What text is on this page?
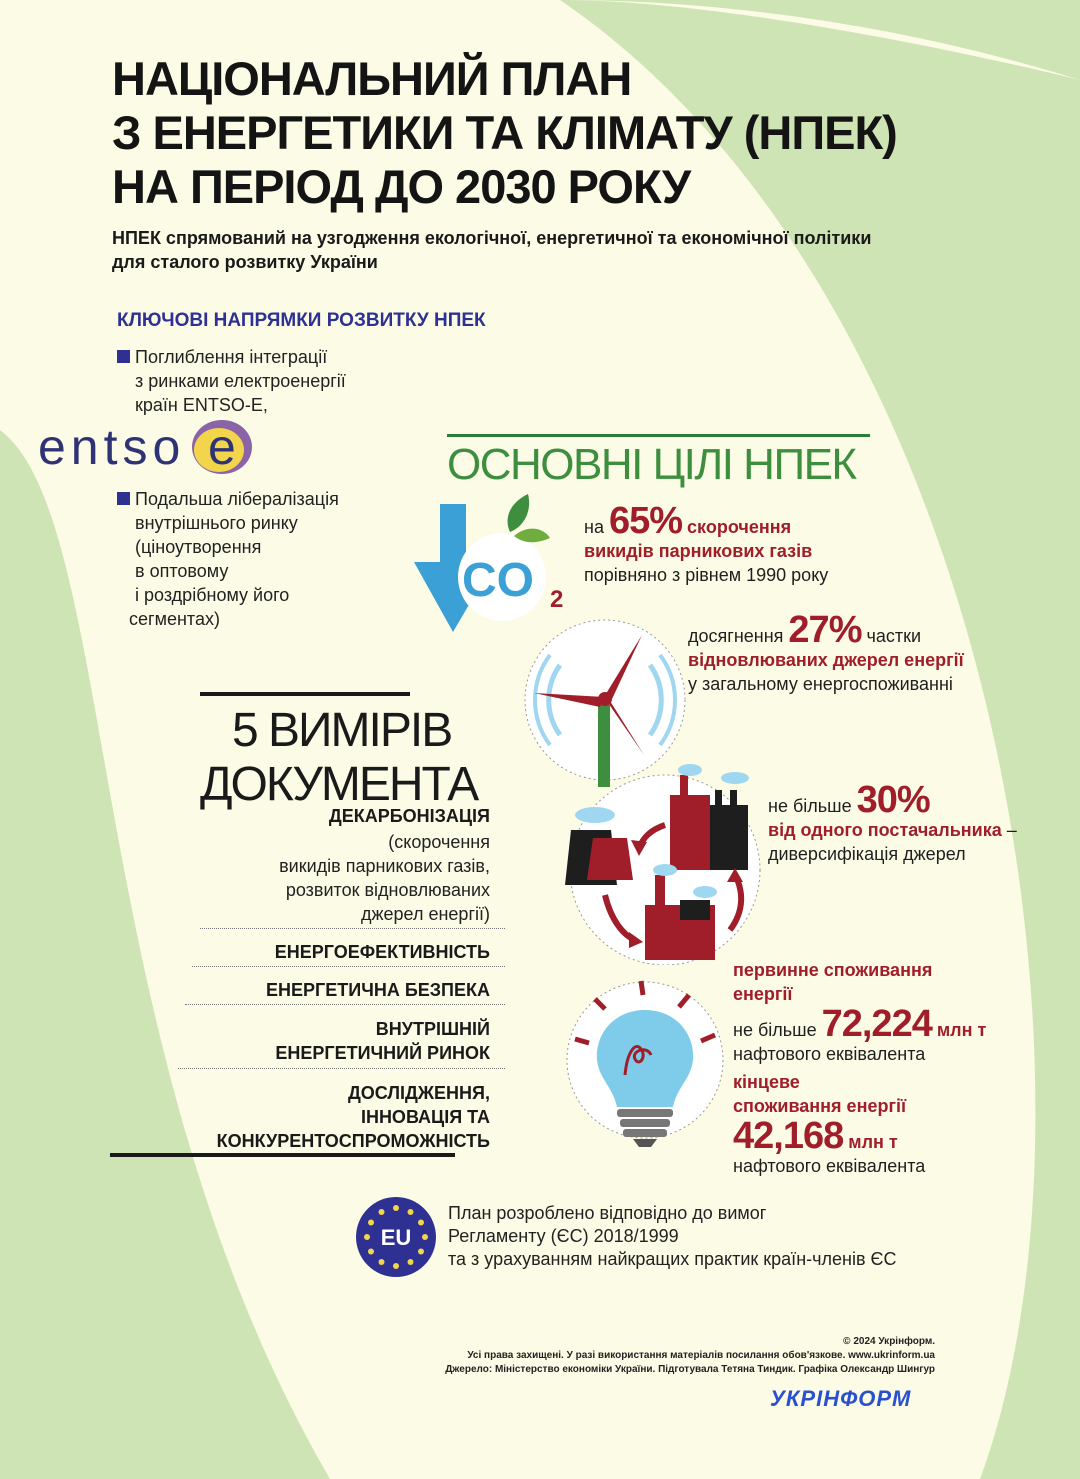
НАЦІОНАЛЬНИЙ ПЛАН
З ЕНЕРГЕТИКИ ТА КЛІМАТУ (НПЕК)
НА ПЕРІОД ДО 2030 РОКУ
НПЕК спрямований на узгодження екологічної, енергетичної та економічної політики
для сталого розвитку України
КЛЮЧОВІ НАПРЯМКИ РОЗВИТКУ НПЕК
Поглиблення інтеграції
з ринками електроенергії
країн ENTSO-E,
entso e
Подальша лібералізація
внутрішнього ринку
(ціноутворення
в оптовому
і роздрібному його
сегментах)
5 ВИМІРІВ
ДОКУМЕНТА
ДЕКАРБОНІЗАЦІЯ
(скорочення
викидів парникових газів,
розвиток відновлюваних
джерел енергії)
ЕНЕРГОЕФЕКТИВНІСТЬ
ЕНЕРГЕТИЧНА БЕЗПЕКА
ВНУТРІШНІЙ
ЕНЕРГЕТИЧНИЙ РИНОК
ДОСЛІДЖЕННЯ,
ІННОВАЦІЯ ТА
КОНКУРЕНТОСПРОМОЖНІСТЬ
ОСНОВНІ ЦІЛІ НПЕК
CO 2
на 65% скорочення
викидів парникових газів
порівняно з рівнем 1990 року
досягнення 27% частки
відновлюваних джерел енергії
у загальному енергоспоживанні
не більше 30%
від одного постачальника –
диверсифікація джерел
первинне споживання
енергії
не більше 72,224 млн т
нафтового еквівалента
кінцеве
споживання енергії
42,168 млн т
нафтового еквівалента
EU
План розроблено відповідно до вимог
Регламенту (ЄС) 2018/1999
та з урахуванням найкращих практик країн-членів ЄС
© 2024 Укрінформ.
Усі права захищені. У разі використання матеріалів посилання обов'язкове. www.ukrinform.ua
Джерело: Міністерство економіки України. Підготувала Тетяна Тиндик. Графіка Олександр Шингур
УКРІНФОРМ
